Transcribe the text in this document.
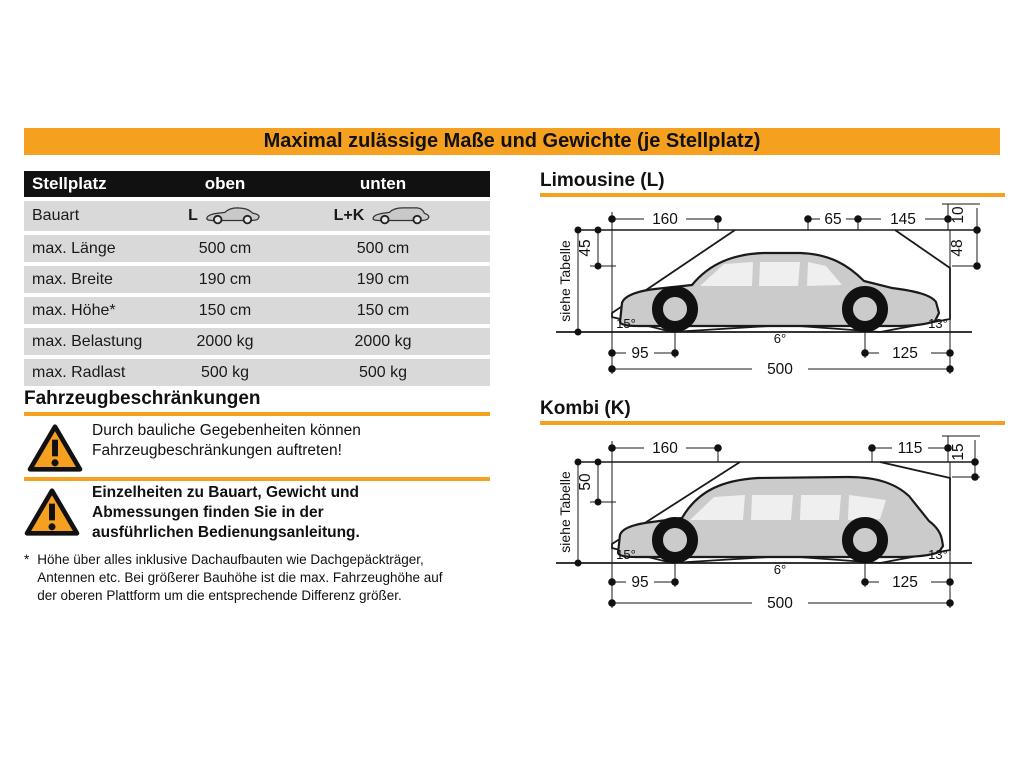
Maximal zulässige Maße und Gewichte (je Stellplatz)
Stellplatz	oben	unten
Bauart	L	L+K
max. Länge	500 cm	500 cm
max. Breite	190 cm	190 cm
max. Höhe*	150 cm	150 cm
max. Belastung	2000 kg	2000 kg
max. Radlast	500 kg	500 kg
Fahrzeugbeschränkungen
Durch bauliche Gegebenheiten können Fahrzeugbeschränkungen auftreten!
Einzelheiten zu Bauart, Gewicht und Abmessungen finden Sie in der ausführlichen Bedienungsanleitung.
* Höhe über alles inklusive Dachaufbauten wie Dachgepäckträger, Antennen etc. Bei größerer Bauhöhe ist die max. Fahrzeughöhe auf der oberen Plattform um die entsprechende Differenz größer.
Limousine (L)
160	65	145 10
48
45
siehe Tabelle
15°
6°
13°
95	125
500
Kombi (K)
160	115 15
50
siehe Tabelle
15°
6°
13°
95	125
500
